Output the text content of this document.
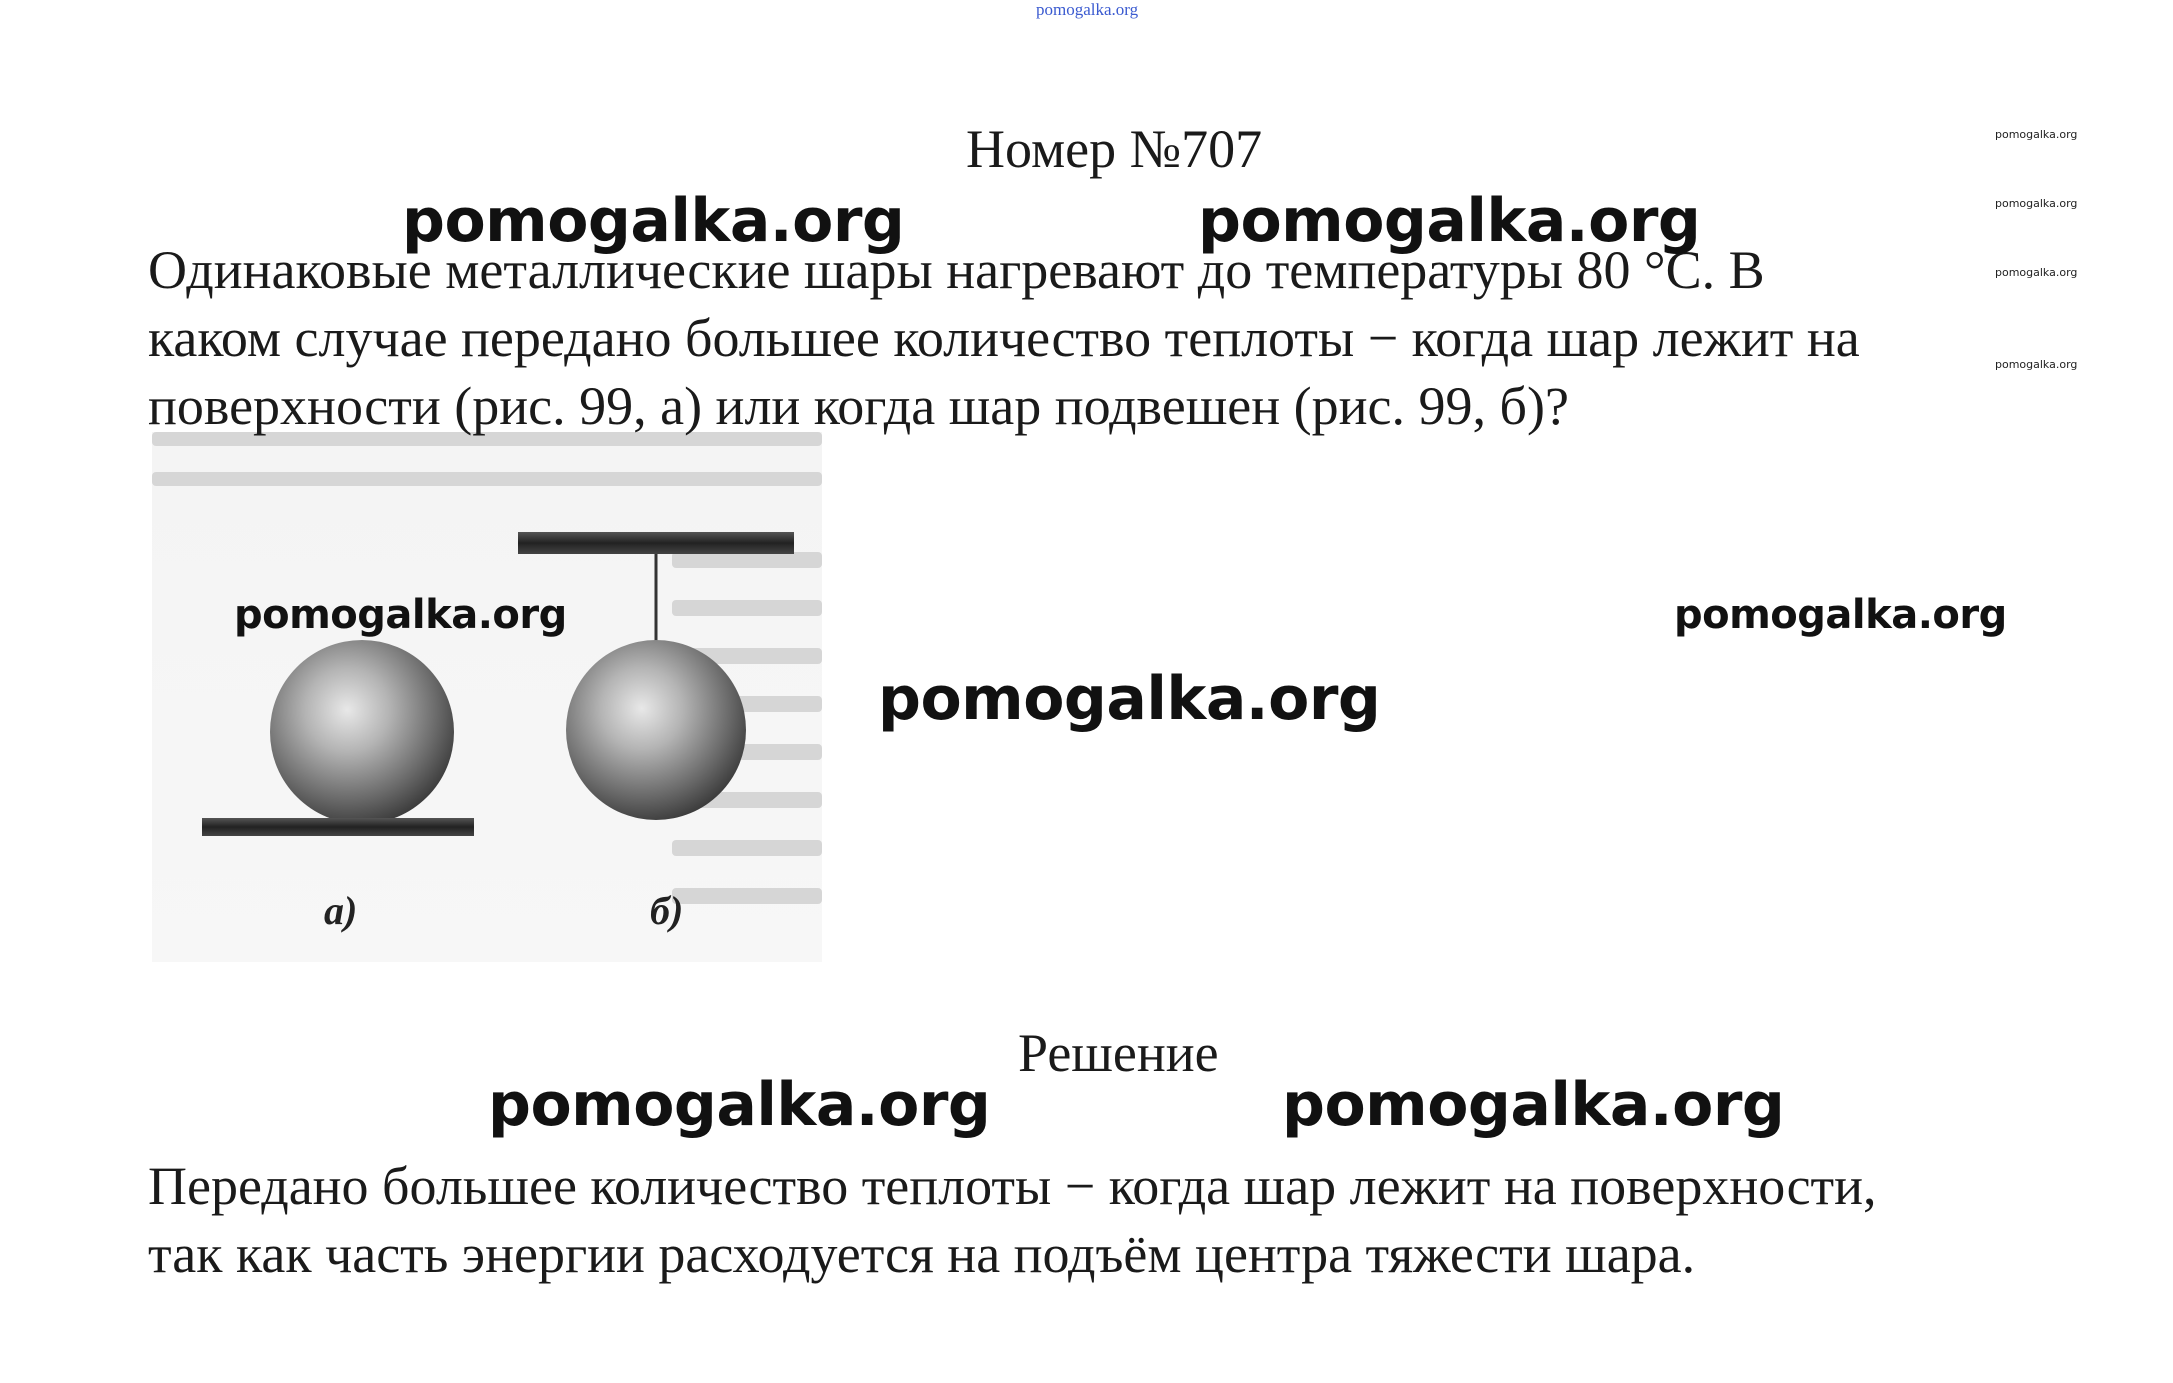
pomogalka.org
pomogalka.org
pomogalka.org
pomogalka.org
pomogalka.org
Номер №707

а)	б)
Одинаковые металлические шары нагревают до температуры 80 °С. В
каком случае передано большее количество теплоты − когда шар лежит на
поверхности (рис. 99, а) или когда шар подвешен (рис. 99, б)?
pomogalka.org	pomogalka.org
pomogalka.org	pomogalka.org
pomogalka.org
Решение
pomogalka.org	pomogalka.org
Передано большее количество теплоты − когда шар лежит на поверхности,
так как часть энергии расходуется на подъём центра тяжести шара.
